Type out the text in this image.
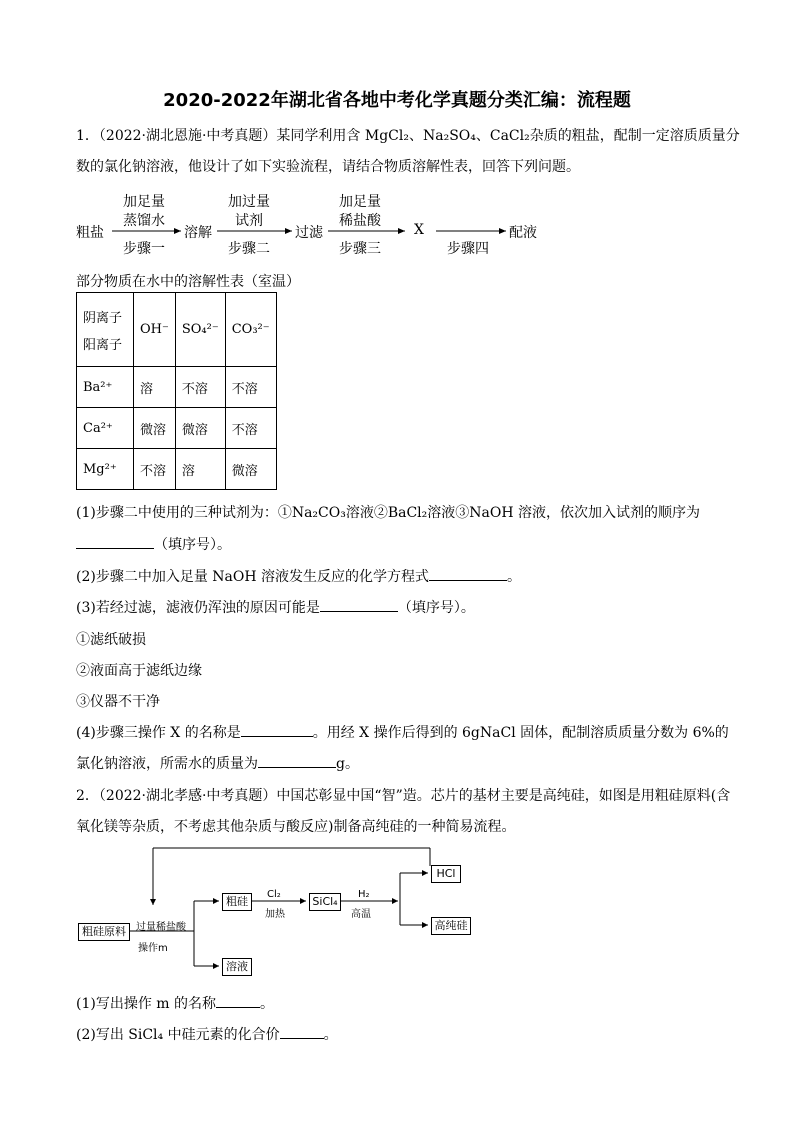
2020-2022年湖北省各地中考化学真题分类汇编：流程题
1．（2022·湖北恩施·中考真题）某同学利用含 MgCl₂、Na₂SO₄、CaCl₂杂质的粗盐，配制一定溶质质量分
数的氯化钠溶液，他设计了如下实验流程，请结合物质溶解性表，回答下列问题。
粗盐
加足量
蒸馏水
步骤一
溶解
加过量
试剂
步骤二
过滤
加足量
稀盐酸
步骤三
X
步骤四
配液
部分物质在水中的溶解性表（室温）
阴离子
阳离子	OH⁻	SO₄²⁻	CO₃²⁻
Ba²⁺	溶	不溶	不溶
Ca²⁺	微溶	微溶	不溶
Mg²⁺	不溶	溶	微溶
(1)步骤二中使用的三种试剂为：①Na₂CO₃溶液②BaCl₂溶液③NaOH 溶液，依次加入试剂的顺序为
（填序号）。
(2)步骤二中加入足量 NaOH 溶液发生反应的化学方程式	。
(3)若经过滤，滤液仍浑浊的原因可能是	（填序号）。
①滤纸破损
②液面高于滤纸边缘
③仪器不干净
(4)步骤三操作 X 的名称是	。用经 X 操作后得到的 6gNaCl 固体，配制溶质质量分数为 6%的
氯化钠溶液，所需水的质量为	g。
2．（2022·湖北孝感·中考真题）中国芯彰显中国“智”造。芯片的基材主要是高纯硅，如图是用粗硅原料(含
氧化镁等杂质，不考虑其他杂质与酸反应)制备高纯硅的一种简易流程。
粗硅原料	过量稀盐酸
操作m
粗硅
溶液
Cl₂
加热
SiCl₄
H₂
高温
HCl
高纯硅
(1)写出操作 m 的名称	。
(2)写出 SiCl₄ 中硅元素的化合价	。
